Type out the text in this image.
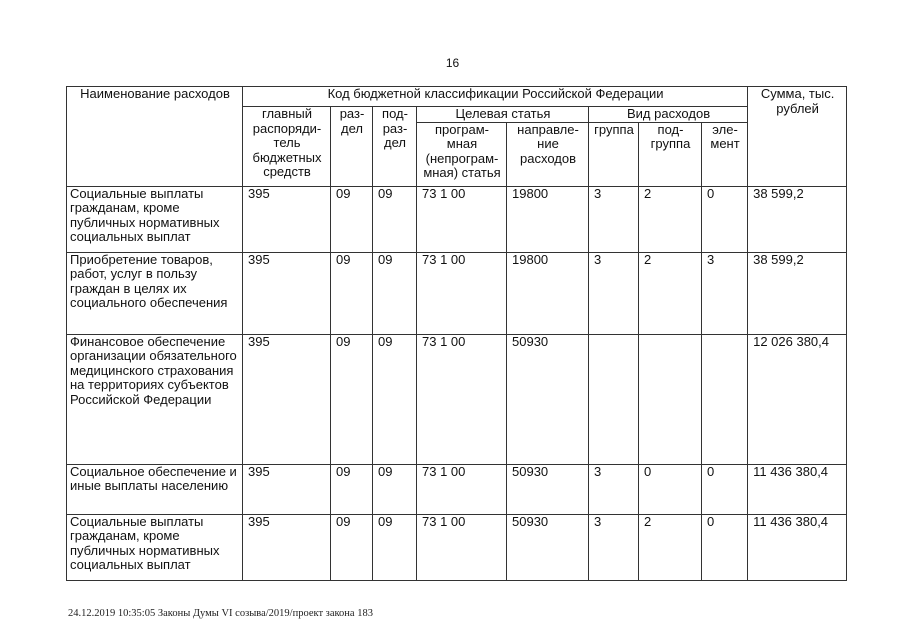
16
Наименование расходов	Код бюджетной классификации Российской Федерации								Сумма, тыс. рублей
	главный распоряди-тель бюджетных средств	раз-дел	под-раз-дел	Целевая статья		Вид расходов			
				програм-мная (непрограм-мная) статья	направле-ние расходов	группа	под-группа	эле-мент	
Социальные выплаты гражданам, кроме публичных нормативных социальных выплат	395	09	09	73 1 00	19800	3	2	0	38 599,2
Приобретение товаров, работ, услуг в пользу граждан в целях их социального обеспечения	395	09	09	73 1 00	19800	3	2	3	38 599,2
Финансовое обеспечение организации обязательного медицинского страхования на территориях субъектов Российской Федерации	395	09	09	73 1 00	50930				12 026 380,4
Социальное обеспечение и иные выплаты населению	395	09	09	73 1 00	50930	3	0	0	11 436 380,4
Социальные выплаты гражданам, кроме публичных нормативных социальных выплат	395	09	09	73 1 00	50930	3	2	0	11 436 380,4
24.12.2019 10:35:05 Законы Думы VI созыва/2019/проект закона 183
